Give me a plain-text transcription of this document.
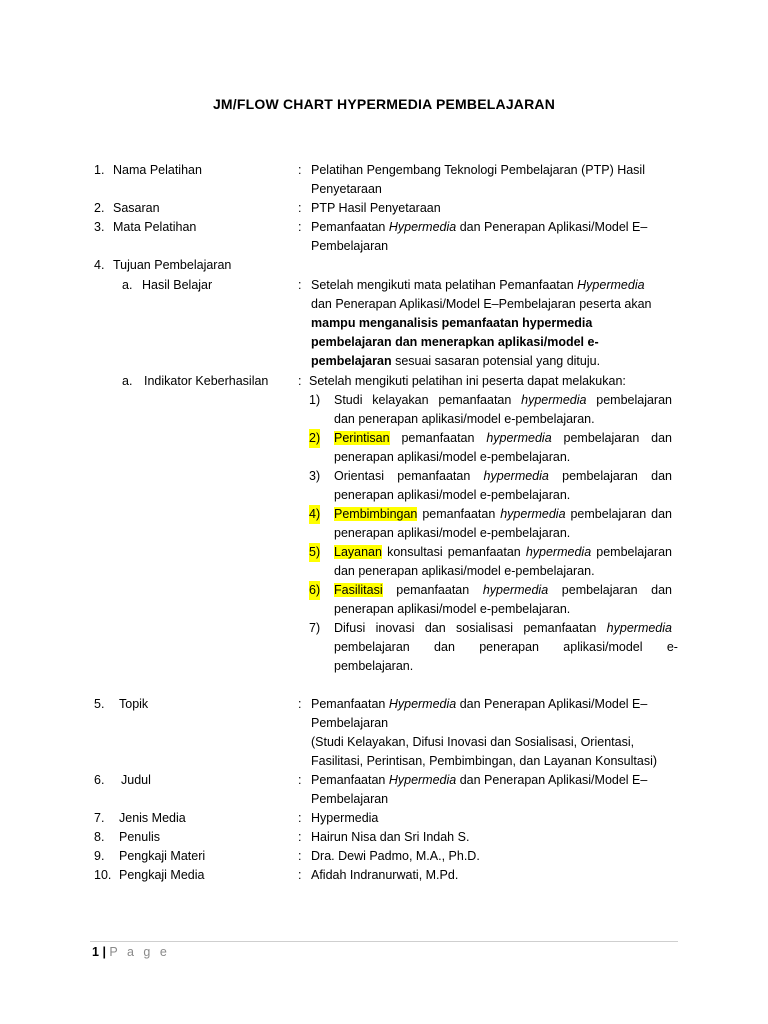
JM/FLOW CHART HYPERMEDIA PEMBELAJARAN
1. Nama Pelatihan	: Pelatihan Pengembang Teknologi Pembelajaran (PTP) Hasil
Penyetaraan
2. Sasaran	: PTP Hasil Penyetaraan
3. Mata Pelatihan	: Pemanfaatan Hypermedia dan Penerapan Aplikasi/Model E–
Pembelajaran
4. Tujuan Pembelajaran
a. Hasil Belajar	: Setelah mengikuti mata pelatihan Pemanfaatan Hypermedia
dan Penerapan Aplikasi/Model E–Pembelajaran peserta akan
mampu menganalisis pemanfaatan hypermedia
pembelajaran dan menerapkan aplikasi/model e-
pembelajaran sesuai sasaran potensial yang dituju.
a. Indikator Keberhasilan : Setelah mengikuti pelatihan ini peserta dapat melakukan:
1) Studi kelayakan pemanfaatan hypermedia pembelajaran
dan penerapan aplikasi/model e-pembelajaran.
2) Perintisan pemanfaatan hypermedia pembelajaran dan
penerapan aplikasi/model e-pembelajaran.
3) Orientasi pemanfaatan hypermedia pembelajaran dan
penerapan aplikasi/model e-pembelajaran.
4) Pembimbingan pemanfaatan hypermedia pembelajaran dan
penerapan aplikasi/model e-pembelajaran.
5) Layanan konsultasi pemanfaatan hypermedia pembelajaran
dan penerapan aplikasi/model e-pembelajaran.
6) Fasilitasi pemanfaatan hypermedia pembelajaran dan
penerapan aplikasi/model e-pembelajaran.
7) Difusi inovasi dan sosialisasi pemanfaatan hypermedia
pembelajaran       dan       penerapan       aplikasi/model       e-
pembelajaran.
5. Topik	: Pemanfaatan Hypermedia dan Penerapan Aplikasi/Model E–
Pembelajaran
(Studi Kelayakan, Difusi Inovasi dan Sosialisasi, Orientasi,
Fasilitasi, Perintisan, Pembimbingan, dan Layanan Konsultasi)
6. Judul	: Pemanfaatan Hypermedia dan Penerapan Aplikasi/Model E–
Pembelajaran
7. Jenis Media	: Hypermedia
8. Penulis	: Hairun Nisa dan Sri Indah S.
9. Pengkaji Materi	: Dra. Dewi Padmo, M.A., Ph.D.
10. Pengkaji Media	: Afidah Indranurwati, M.Pd.
1 | P a g e
